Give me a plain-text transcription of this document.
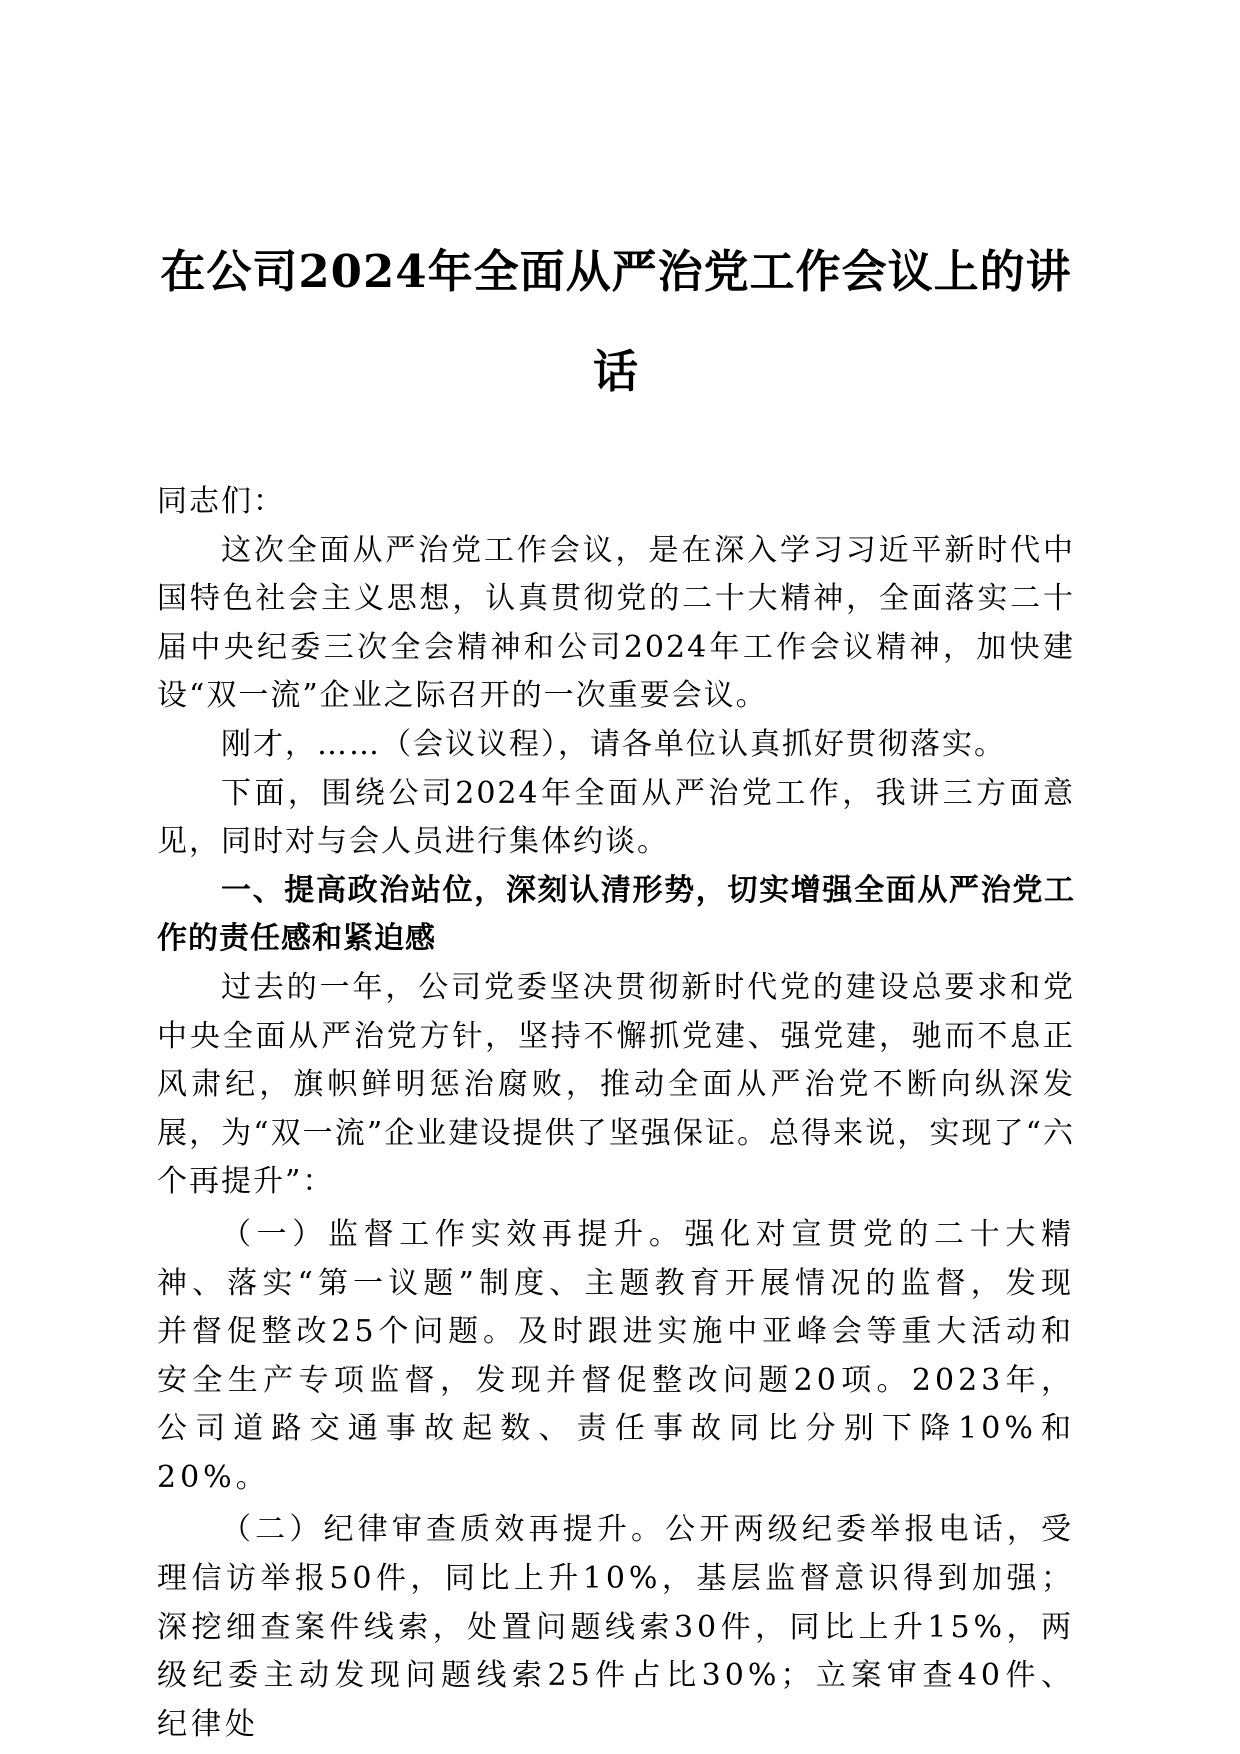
在公司2024年全面从严治党工作会议上的讲
话

同志们：

这次全面从严治党工作会议，是在深入学习习近平新时代中国特色社会主义思想，认真贯彻党的二十大精神，全面落实二十届中央纪委三次全会精神和公司2024年工作会议精神，加快建设“双一流”企业之际召开的一次重要会议。

刚才，……（会议议程），请各单位认真抓好贯彻落实。

下面，围绕公司2024年全面从严治党工作，我讲三方面意见，同时对与会人员进行集体约谈。

一、提高政治站位，深刻认清形势，切实增强全面从严治党工作的责任感和紧迫感

过去的一年，公司党委坚决贯彻新时代党的建设总要求和党中央全面从严治党方针，坚持不懈抓党建、强党建，驰而不息正风肃纪，旗帜鲜明惩治腐败，推动全面从严治党不断向纵深发展，为“双一流”企业建设提供了坚强保证。总得来说，实现了“六个再提升”：

（一）监督工作实效再提升。强化对宣贯党的二十大精神、落实“第一议题”制度、主题教育开展情况的监督，发现并督促整改25个问题。及时跟进实施中亚峰会等重大活动和安全生产专项监督，发现并督促整改问题20项。2023年，公司道路交通事故起数、责任事故同比分别下降10%和20%。

（二）纪律审查质效再提升。公开两级纪委举报电话，受理信访举报50件，同比上升10%，基层监督意识得到加强；深挖细查案件线索，处置问题线索30件，同比上升15%，两级纪委主动发现问题线索25件占比30%；立案审查40件、纪律处
